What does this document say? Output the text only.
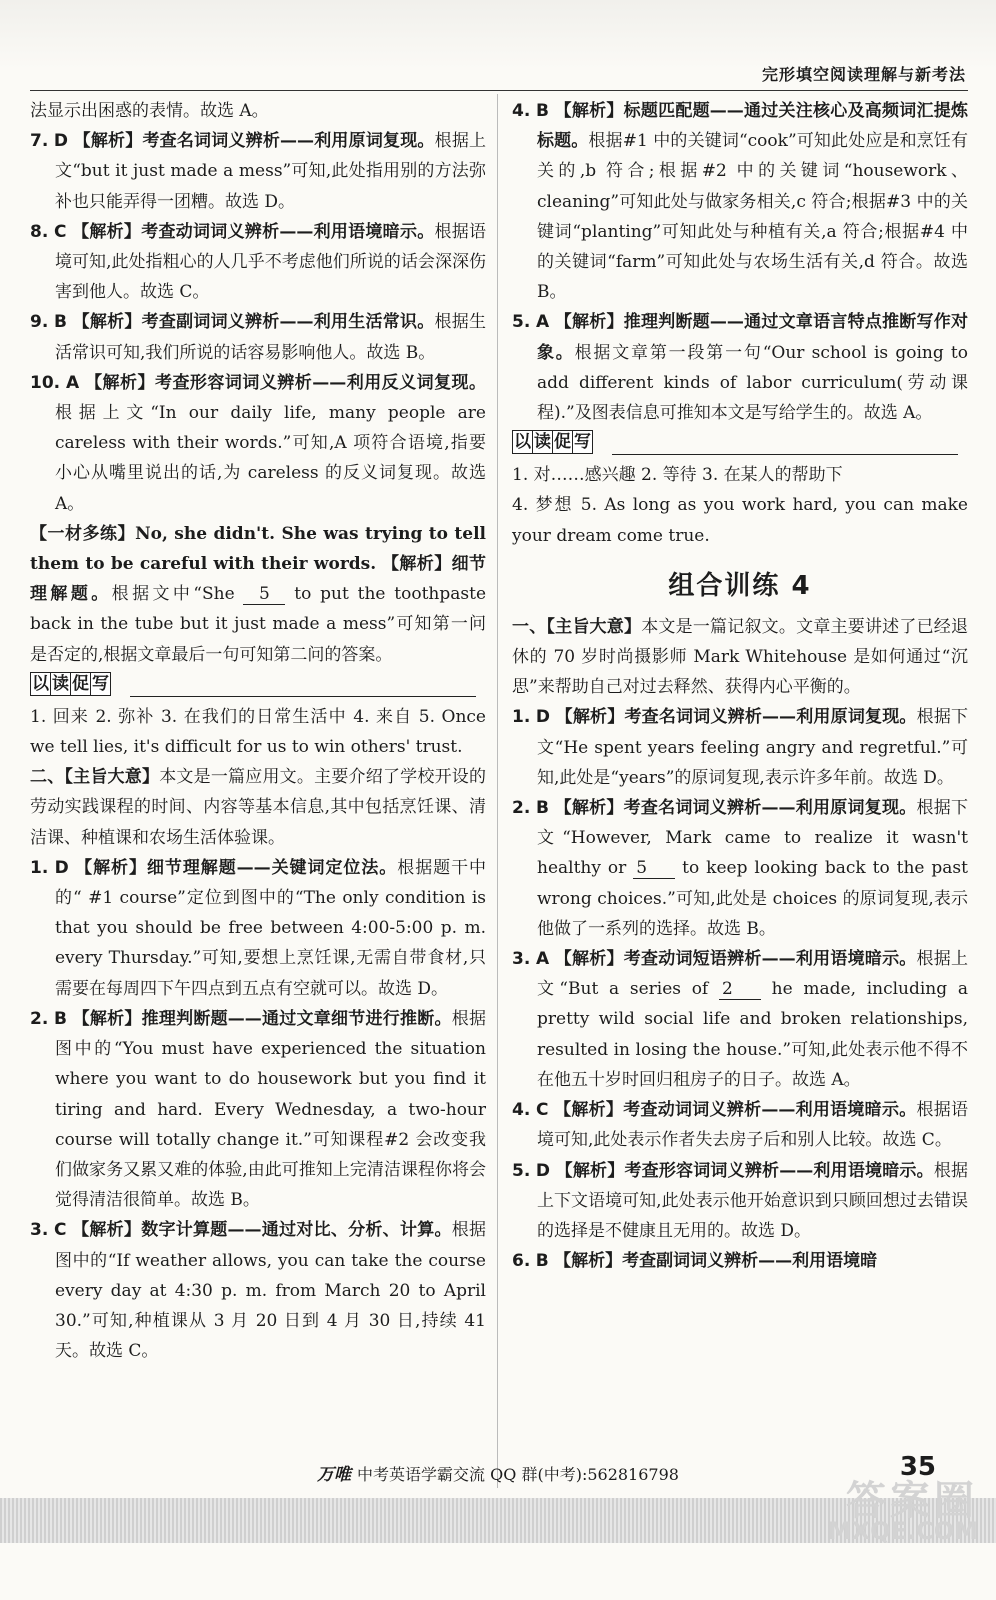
完形填空阅读理解与新考法

法显示出困惑的表情。故选 A。

7. D 【解析】考查名词词义辨析——利用原词复现。根据上文“but it just made a mess”可知,此处指用别的方法弥补也只能弄得一团糟。故选 D。

8. C 【解析】考查动词词义辨析——利用语境暗示。根据语境可知,此处指粗心的人几乎不考虑他们所说的话会深深伤害到他人。故选 C。

9. B 【解析】考查副词词义辨析——利用生活常识。根据生活常识可知,我们所说的话容易影响他人。故选 B。

10. A 【解析】考查形容词词义辨析——利用反义词复现。根据上文“In our daily life, many people are careless with their words.”可知,A 项符合语境,指要小心从嘴里说出的话,为 careless 的反义词复现。故选 A。

【一材多练】No, she didn't. She was trying to tell them to be careful with their words. 【解析】细节理解题。根据文中“She 5 to put the toothpaste back in the tube but it just made a mess”可知第一问是否定的,根据文章最后一句可知第二问的答案。

以 读 促 写

1. 回来 2. 弥补 3. 在我们的日常生活中 4. 来自 5. Once we tell lies, it's difficult for us to win others' trust.

二、【主旨大意】本文是一篇应用文。主要介绍了学校开设的劳动实践课程的时间、内容等基本信息,其中包括烹饪课、清洁课、种植课和农场生活体验课。

1. D 【解析】细节理解题——关键词定位法。根据题干中的“ #1 course”定位到图中的“The only condition is that you should be free between 4:00-5:00 p. m. every Thursday.”可知,要想上烹饪课,无需自带食材,只需要在每周四下午四点到五点有空就可以。故选 D。

2. B 【解析】推理判断题——通过文章细节进行推断。根据图中的“You must have experienced the situation where you want to do housework but you find it tiring and hard. Every Wednesday, a two-hour course will totally change it.”可知课程#2 会改变我们做家务又累又难的体验,由此可推知上完清洁课程你将会觉得清洁很简单。故选 B。

3. C 【解析】数字计算题——通过对比、分析、计算。根据图中的“If weather allows, you can take the course every day at 4:30 p. m. from March 20 to April 30.”可知,种植课从 3 月 20 日到 4 月 30 日,持续 41 天。故选 C。

4. B 【解析】标题匹配题——通过关注核心及高频词汇提炼标题。根据#1 中的关键词“cook”可知此处应是和烹饪有关的,b 符合;根据#2 中的关键词“housework、cleaning”可知此处与做家务相关,c 符合;根据#3 中的关键词“planting”可知此处与种植有关,a 符合;根据#4 中的关键词“farm”可知此处与农场生活有关,d 符合。故选 B。

5. A 【解析】推理判断题——通过文章语言特点推断写作对象。根据文章第一段第一句“Our school is going to add different kinds of labor curriculum(劳动课程).”及图表信息可推知本文是写给学生的。故选 A。

以 读 促 写

1. 对……感兴趣 2. 等待 3. 在某人的帮助下

4. 梦想 5. As long as you work hard, you can make your dream come true.

组合训练 4

一、【主旨大意】本文是一篇记叙文。文章主要讲述了已经退休的 70 岁时尚摄影师 Mark Whitehouse 是如何通过“沉思”来帮助自己对过去释然、获得内心平衡的。

1. D 【解析】考查名词词义辨析——利用原词复现。根据下文“He spent years feeling angry and regretful.”可知,此处是“years”的原词复现,表示许多年前。故选 D。

2. B 【解析】考查名词词义辨析——利用原词复现。根据下文“However, Mark came to realize it wasn't healthy or 5 to keep looking back to the past wrong choices.”可知,此处是 choices 的原词复现,表示他做了一系列的选择。故选 B。

3. A 【解析】考查动词短语辨析——利用语境暗示。根据上文“But a series of 2 he made, including a pretty wild social life and broken relationships, resulted in losing the house.”可知,此处表示他不得不在他五十岁时回归租房子的日子。故选 A。

4. C 【解析】考查动词词义辨析——利用语境暗示。根据语境可知,此处表示作者失去房子后和别人比较。故选 C。

5. D 【解析】考查形容词词义辨析——利用语境暗示。根据上下文语境可知,此处表示他开始意识到只顾回想过去错误的选择是不健康且无用的。故选 D。

6. B 【解析】考查副词词义辨析——利用语境暗

万唯 中考英语学霸交流 QQ 群(中考):562816798	35
答案圈
MXQE.COM
